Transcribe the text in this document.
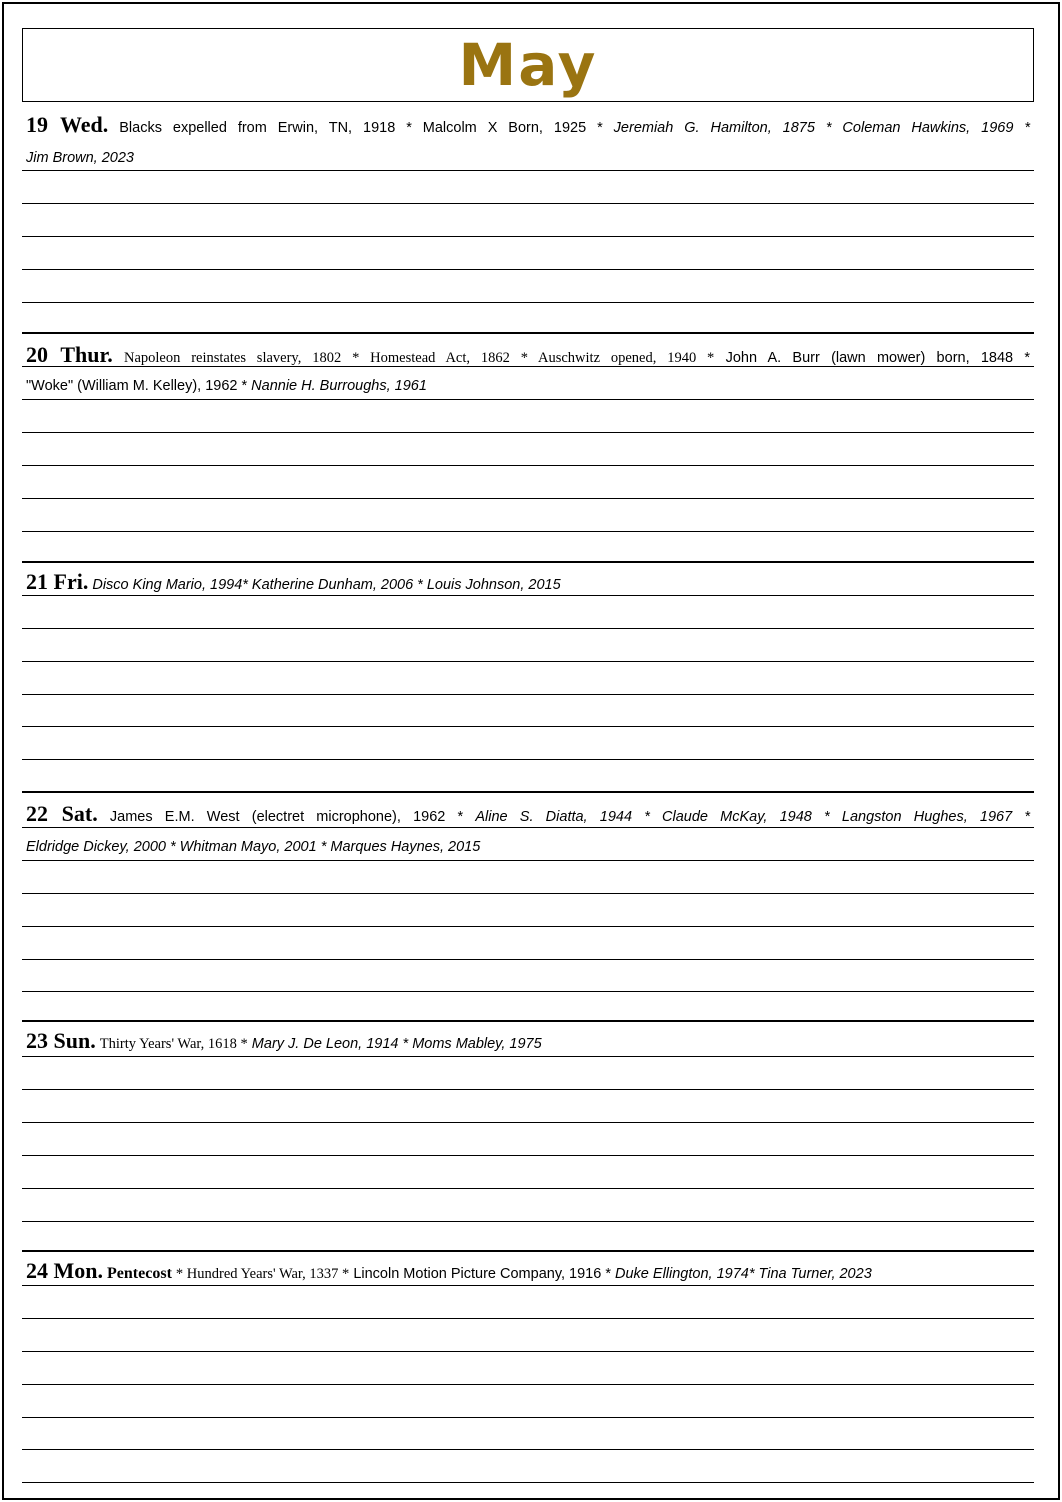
May
19 Wed. Blacks expelled from Erwin, TN, 1918 * Malcolm X Born, 1925 * Jeremiah G. Hamilton, 1875 * Coleman Hawkins, 1969 *
Jim Brown, 2023
20 Thur. Napoleon reinstates slavery, 1802 * Homestead Act, 1862 * Auschwitz opened, 1940 * John A. Burr (lawn mower) born, 1848 *
"Woke" (William M. Kelley), 1962 * Nannie H. Burroughs, 1961
21 Fri. Disco King Mario, 1994* Katherine Dunham, 2006 * Louis Johnson, 2015
22 Sat. James E.M. West (electret microphone), 1962 * Aline S. Diatta, 1944 * Claude McKay, 1948 * Langston Hughes, 1967 *
Eldridge Dickey, 2000 * Whitman Mayo, 2001 * Marques Haynes, 2015
23 Sun. Thirty Years' War, 1618 * Mary J. De Leon, 1914 * Moms Mabley, 1975
24 Mon. Pentecost * Hundred Years' War, 1337 * Lincoln Motion Picture Company, 1916 * Duke Ellington, 1974* Tina Turner, 2023
